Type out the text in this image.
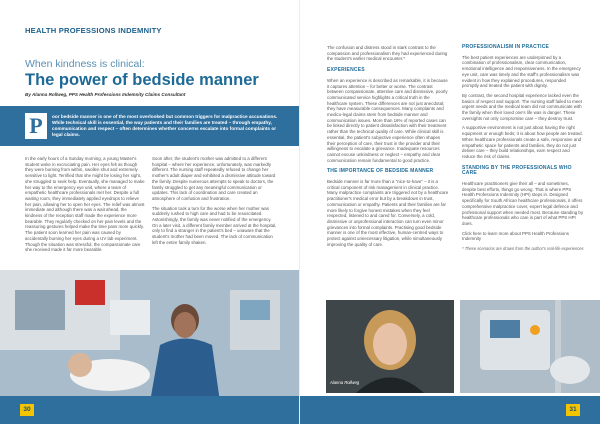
HEALTH PROFESSIONS INDEMNITY
When kindness is clinical:
The power of bedside manner
By Alanna Rollweg, PPS Health Professions Indemnity Claims Consultant
P	oor bedside manner is one of the most overlooked but common triggers for malpractice accusations. While technical skill is essential, the way patients and their families are treated – through empathy, communication and respect – often determines whether concerns escalate into formal complaints or legal claims.

In the early hours of a Sunday morning, a young Master's student woke in excruciating pain. Her eyes felt as though they were burning from within, swollen shut and extremely sensitive to light. Terrified that she might be losing her sight, she struggled to seek help. Eventually, she managed to make her way to the emergency eye unit, where a team of empathetic healthcare professionals met her. Despite a full waiting room, they immediately applied eyedrops to relieve her pain, allowing her to open her eyes. The relief was almost immediate and although there was a wait ahead, the kindness of the reception staff made the experience more bearable. They regularly checked on her pain levels and the reassuring gestures helped make the time pass more quickly. The patient soon learned her pain was caused by accidentally burning her eyes during a UV lab experiment. Though the situation was stressful, the compassionate care she received made it far more bearable.

Soon after, the student's mother was admitted to a different hospital – where her experience, unfortunately, was markedly different. The nursing staff repeatedly refused to change her mother's adult diaper and exhibited a dismissive attitude toward the family. Despite numerous attempts to speak to doctors, the family struggled to get any meaningful communication or updates. This lack of coordination and care created an atmosphere of confusion and frustration.

The situation took a turn for the worse when her mother was suddenly rushed to high care and had to be resuscitated. Astonishingly, the family was never notified of the emergency. On a later visit, a different family member arrived at the hospital, only to find a stranger in the patient's bed – unaware that the student's mother had been moved. The lack of communication left the entire family shaken.

30

The confusion and distress stood in stark contrast to the compassion and professionalism they had experienced during the student's earlier medical encounter.*

EXPERIENCES

When an experience is described as remarkable, it is because it captures attention – for better or worse. The contrast between compassionate, attentive care and dismissive, poorly communicated service highlights a critical truth in the healthcare system. These differences are not just anecdotal; they have measurable consequences. Many complaints and medico-legal claims stem from bedside manner and communication issues. More than 16% of reported cases can be linked directly to patient dissatisfaction with their treatment rather than the technical quality of care. While clinical skill is essential, the patient's subjective experience often shapes their perception of care, their trust in the provider and their willingness to escalate a grievance. Inadequate resources cannot excuse unkindness or neglect – empathy and clear communication remain fundamental to good practice.

THE IMPORTANCE OF BEDSIDE MANNER

Bedside manner is far more than a "nice-to-have" – it is a critical component of risk management in clinical practice. Many malpractice complaints are triggered not by a healthcare practitioner's medical error but by a breakdown in trust, communication or empathy. Patients and their families are far more likely to forgive honest mistakes when they feel respected, listened to and cared for. Conversely, a cold, dismissive or unprofessional interaction can turn even minor grievances into formal complaints. Practising good bedside manner is one of the most effective, human-centred ways to protect against unnecessary litigation, while simultaneously improving the quality of care.

PROFESSIONALISM IN PRACTICE

The best patient experiences are underpinned by a combination of professionalism, clear communication, emotional intelligence and responsiveness. In the emergency eye unit, care was timely and the staff's professionalism was evident in how they explained procedures, responded promptly and treated the patient with dignity.

By contrast, the second hospital experience lacked even the basics of respect and support. The nursing staff failed to meet urgent needs and the medical team did not communicate with the family when their loved one's life was in danger. These oversights not only compromise care – they destroy trust.

A supportive environment is not just about having the right equipment or enough beds; it is about how people are treated. When healthcare professionals create a safe, responsive and empathetic space for patients and families, they do not just deliver care – they build relationships, earn respect and reduce the risk of claims.

STANDING BY THE PROFESSIONALS WHO CARE

Healthcare practitioners give their all – and sometimes, despite best efforts, things go wrong. That is where PPS Health Professions Indemnity (HPI) steps in. Designed specifically for South African healthcare professionals, it offers comprehensive malpractice cover, expert legal defence and professional support when needed most. Because standing by healthcare professionals who care is part of what PPS HPI does.

Click here to learn more about PPS Health Professions Indemnity

* These scenarios are drawn from the author's real-life experiences

Alanna Rollweg
31
